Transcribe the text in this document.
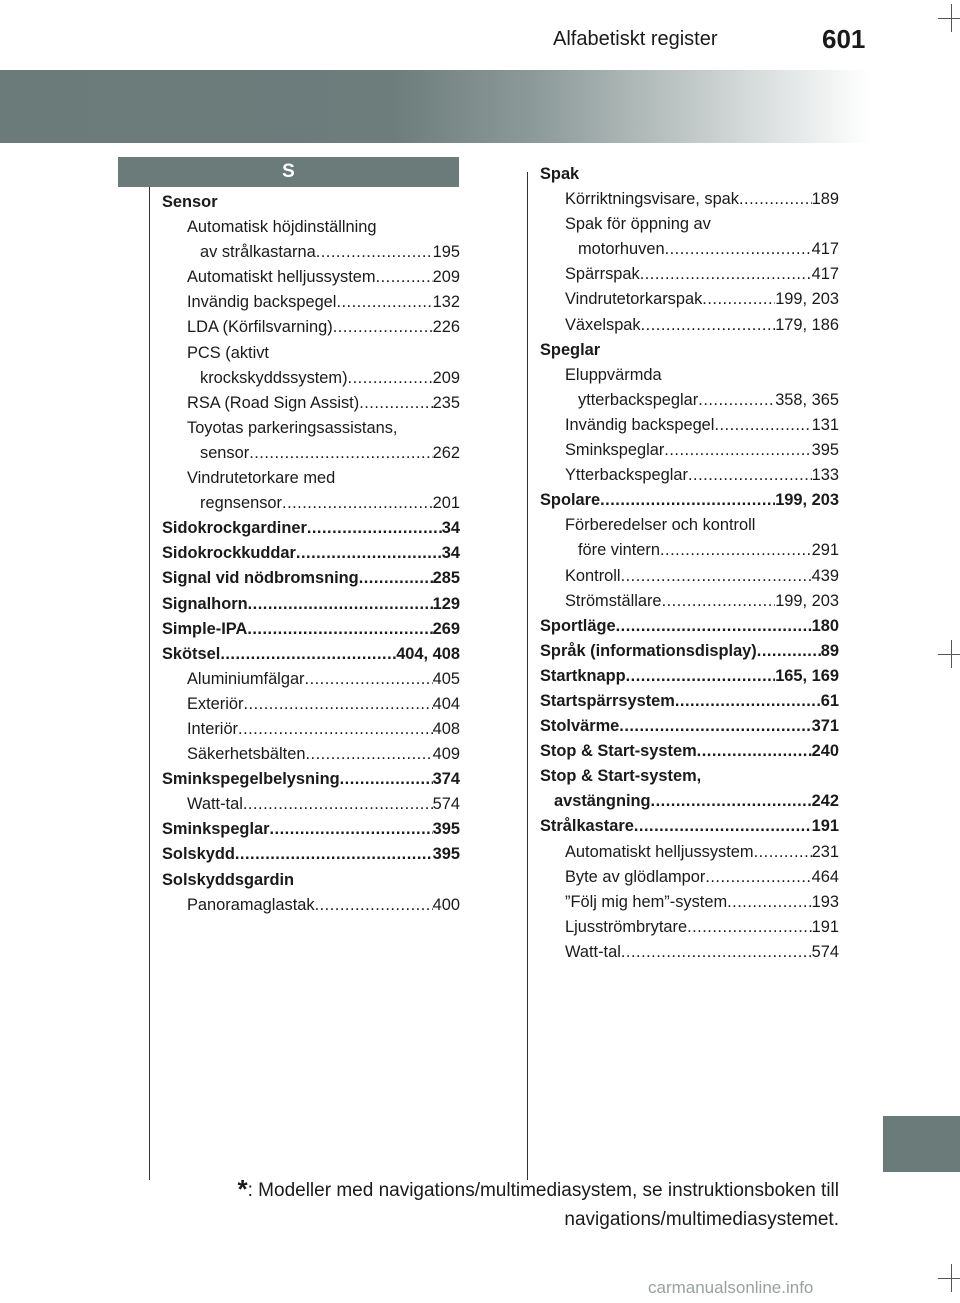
Alfabetiskt register	601
S
Sensor
Automatisk höjdinställning
av strålkastarna .....	195
Automatiskt helljussystem .....	209
Invändig backspegel .....	132
LDA (Körfilsvarning) .....	226
PCS (aktivt
krockskyddssystem) .....	209
RSA (Road Sign Assist) .....	235
Toyotas parkeringsassistans,
sensor .....	262
Vindrutetorkare med
regnsensor .....	201
Sidokrockgardiner .....	34
Sidokrockkuddar .....	34
Signal vid nödbromsning .....	285
Signalhorn .....	129
Simple-IPA .....	269
Skötsel .....	404, 408
Aluminiumfälgar .....	405
Exteriör .....	404
Interiör .....	408
Säkerhetsbälten .....	409
Sminkspegelbelysning .....	374
Watt-tal .....	574
Sminkspeglar .....	395
Solskydd .....	395
Solskyddsgardin
Panoramaglastak .....	400
Spak
Körriktningsvisare, spak .....	189
Spak för öppning av
motorhuven .....	417
Spärrspak .....	417
Vindrutetorkarspak .....	199, 203
Växelspak .....	179, 186
Speglar
Eluppvärmda
ytterbackspeglar .....	358, 365
Invändig backspegel .....	131
Sminkspeglar .....	395
Ytterbackspeglar .....	133
Spolare .....	199, 203
Förberedelser och kontroll
före vintern .....	291
Kontroll .....	439
Strömställare .....	199, 203
Sportläge .....	180
Språk (informationsdisplay) .....	89
Startknapp .....	165, 169
Startspärrsystem .....	61
Stolvärme .....	371
Stop & Start-system .....	240
Stop & Start-system,
avstängning .....	242
Strålkastare .....	191
Automatiskt helljussystem .....	231
Byte av glödlampor .....	464
”Följ mig hem”-system .....	193
Ljusströmbrytare .....	191
Watt-tal .....	574
*: Modeller med navigations/multimediasystem, se instruktionsboken till
navigations/multimediasystemet.
carmanualsonline.info
